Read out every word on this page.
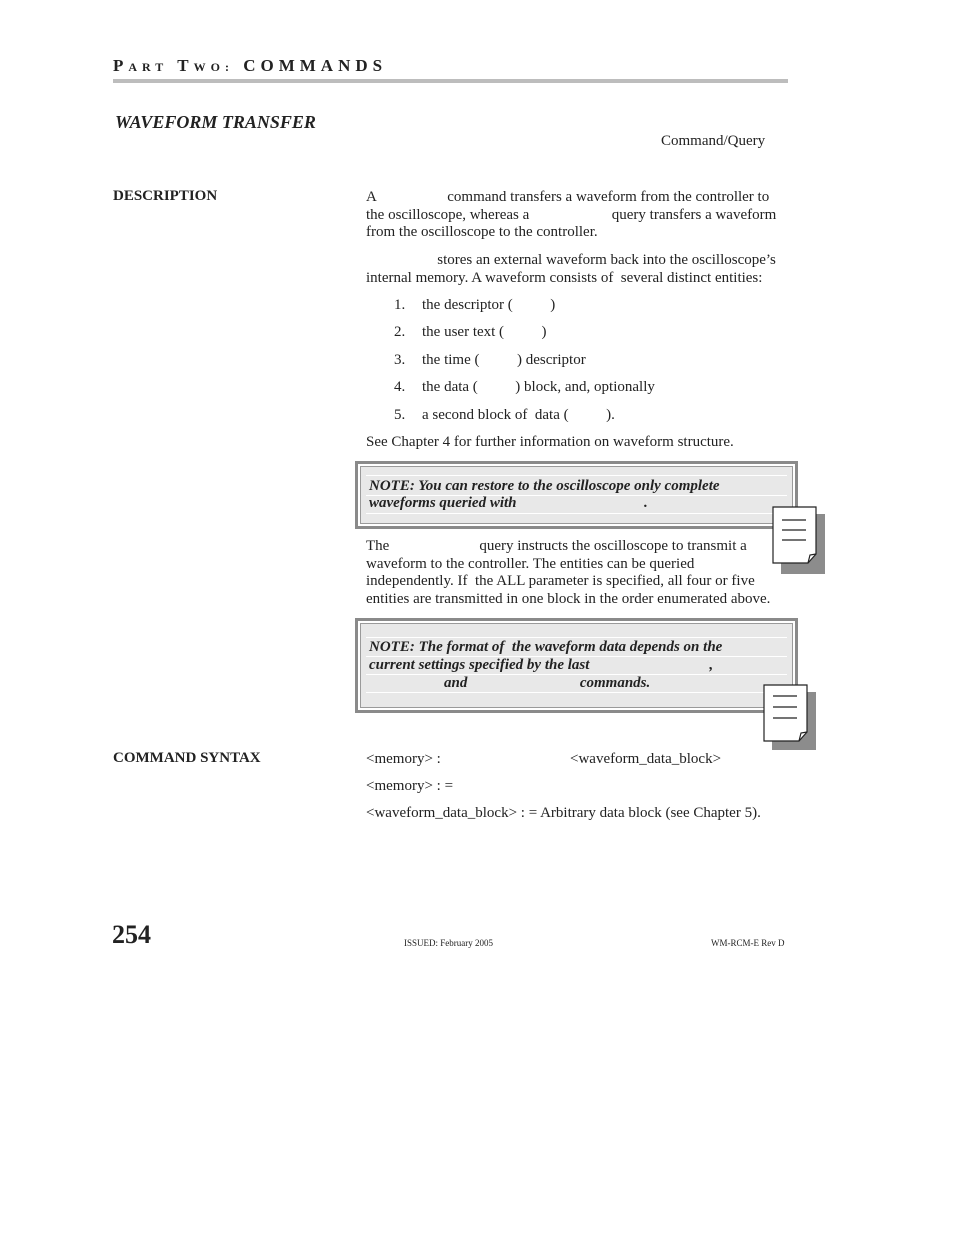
PART TWO: COMMANDS
WAVEFORM TRANSFER
Command/Query
DESCRIPTION	A                   command transfers a waveform from the controller to
the oscilloscope, whereas a                      query transfers a waveform
from the oscilloscope to the controller.
stores an external waveform back into the oscilloscope’s
internal memory. A waveform consists of  several distinct entities:
1. the descriptor (          )
2. the user text (          )
3. the time (          ) descriptor
4. the data (          ) block, and, optionally
5. a second block of  data (          ).
See Chapter 4 for further information on waveform structure.
NOTE: You can restore to the oscilloscope only complete
waveforms queried with                                  .
The                        query instructs the oscilloscope to transmit a
waveform to the controller. The entities can be queried
independently. If  the ALL parameter is specified, all four or five
entities are transmitted in one block in the order enumerated above.
NOTE: The format of  the waveform data depends on the
current settings specified by the last                                ,
and                              commands.
COMMAND SYNTAX	<memory> :	<waveform_data_block>
<memory> : =
<waveform_data_block> : = Arbitrary data block (see Chapter 5).
254	ISSUED: February 2005	WM-RCM-E Rev D
